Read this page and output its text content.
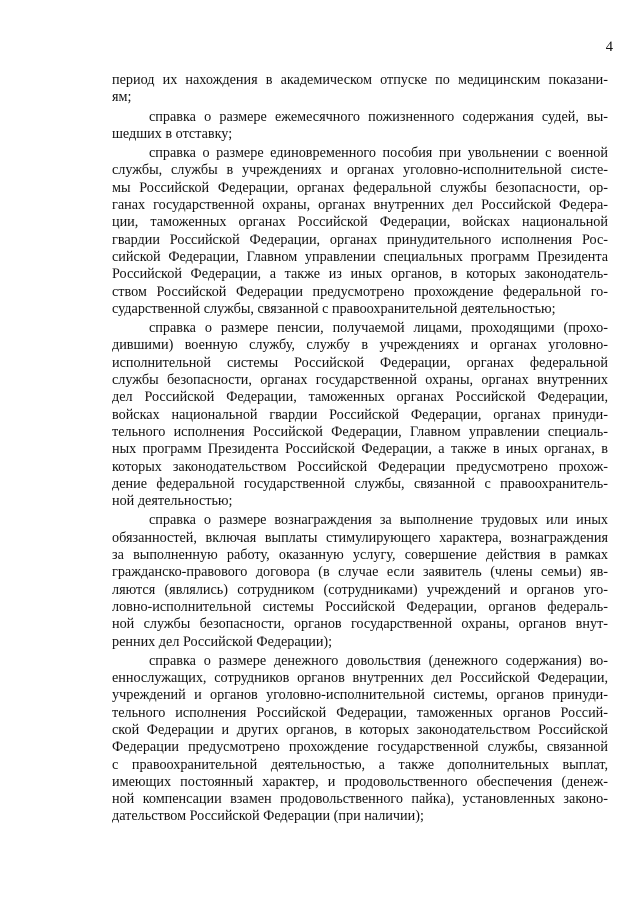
4
период их нахождения в академическом отпуске по медицинским показани-
ям;
справка о размере ежемесячного пожизненного содержания судей, вы-
шедших в отставку;
справка о размере единовременного пособия при увольнении с военной
службы, службы в учреждениях и органах уголовно-исполнительной систе-
мы Российской Федерации, органах федеральной службы безопасности, ор-
ганах государственной охраны, органах внутренних дел Российской Федера-
ции, таможенных органах Российской Федерации, войсках национальной
гвардии Российской Федерации, органах принудительного исполнения Рос-
сийской Федерации, Главном управлении специальных программ Президента
Российской Федерации, а также из иных органов, в которых законодатель-
ством Российской Федерации предусмотрено прохождение федеральной го-
сударственной службы, связанной с правоохранительной деятельностью;
справка о размере пенсии, получаемой лицами, проходящими (прохо-
дившими) военную службу, службу в учреждениях и органах уголовно-
исполнительной системы Российской Федерации, органах федеральной
службы безопасности, органах государственной охраны, органах внутренних
дел Российской Федерации, таможенных органах Российской Федерации,
войсках национальной гвардии Российской Федерации, органах принуди-
тельного исполнения Российской Федерации, Главном управлении специаль-
ных программ Президента Российской Федерации, а также в иных органах, в
которых законодательством Российской Федерации предусмотрено прохож-
дение федеральной государственной службы, связанной с правоохранитель-
ной деятельностью;
справка о размере вознаграждения за выполнение трудовых или иных
обязанностей, включая выплаты стимулирующего характера, вознаграждения
за выполненную работу, оказанную услугу, совершение действия в рамках
гражданско-правового договора (в случае если заявитель (члены семьи) яв-
ляются (являлись) сотрудником (сотрудниками) учреждений и органов уго-
ловно-исполнительной системы Российской Федерации, органов федераль-
ной службы безопасности, органов государственной охраны, органов внут-
ренних дел Российской Федерации);
справка о размере денежного довольствия (денежного содержания) во-
еннослужащих, сотрудников органов внутренних дел Российской Федерации,
учреждений и органов уголовно-исполнительной системы, органов принуди-
тельного исполнения Российской Федерации, таможенных органов Россий-
ской Федерации и других органов, в которых законодательством Российской
Федерации предусмотрено прохождение государственной службы, связанной
с правоохранительной деятельностью, а также дополнительных выплат,
имеющих постоянный характер, и продовольственного обеспечения (денеж-
ной компенсации взамен продовольственного пайка), установленных законо-
дательством Российской Федерации (при наличии);
